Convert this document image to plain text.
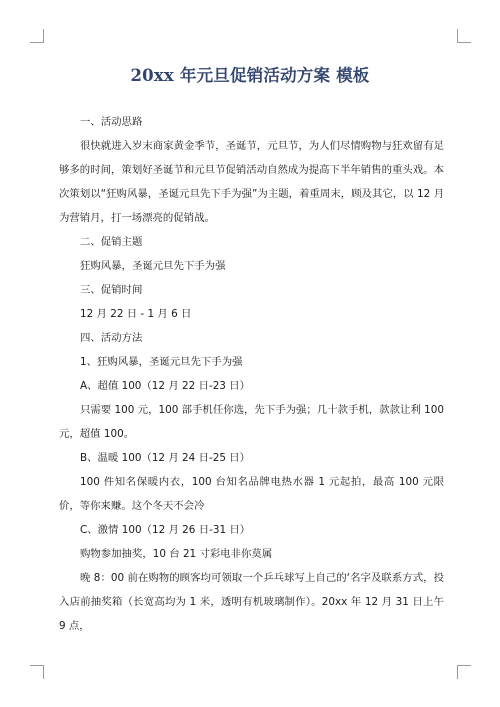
20xx 年元旦促销活动方案 模板

一、活动思路

很快就进入岁末商家黄金季节，圣诞节，元旦节，为人们尽情购物与狂欢留有足够多的时间，策划好圣诞节和元旦节促销活动自然成为提高下半年销售的重头戏。本次策划以“狂购风暴，圣诞元旦先下手为强”为主题，着重周末，顾及其它，以 12 月为营销月，打一场漂亮的促销战。

二、促销主题

狂购风暴，圣诞元旦先下手为强

三、促销时间

12 月 22 日 - 1 月 6 日

四、活动方法

1、狂购风暴，圣诞元旦先下手为强

A、超值 100（12 月 22 日-23 日）

只需要 100 元，100 部手机任你选，先下手为强；几十款手机，款款让利 100 元，超值 100。

B、温暖 100（12 月 24 日-25 日）

100 件知名保暖内衣，100 台知名品牌电热水器 1 元起拍，最高 100 元限价，等你来赚。这个冬天不会冷

C、激情 100（12 月 26 日-31 日）

购物参加抽奖，10 台 21 寸彩电非你莫属

晚 8：00 前在购物的顾客均可领取一个乒乓球写上自己的‘名字及联系方式，投入店前抽奖箱（长宽高均为 1 米，透明有机玻璃制作）。20xx 年 12 月 31 日上午 9 点，
